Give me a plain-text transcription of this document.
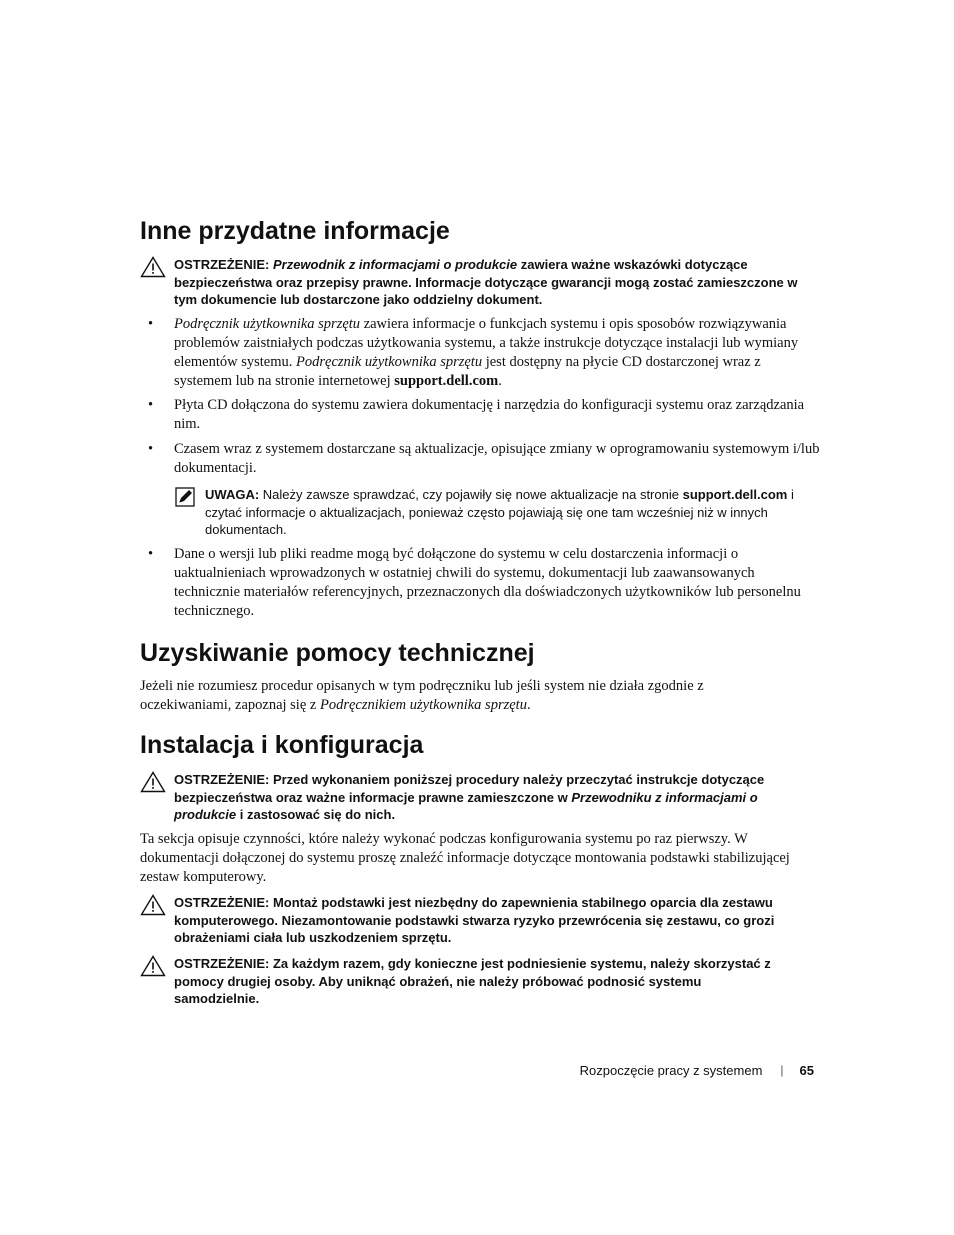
Inne przydatne informacje
OSTRZEŻENIE: Przewodnik z informacjami o produkcie zawiera ważne wskazówki dotyczące bezpieczeństwa oraz przepisy prawne. Informacje dotyczące gwarancji mogą zostać zamieszczone w tym dokumencie lub dostarczone jako oddzielny dokument.
• Podręcznik użytkownika sprzętu zawiera informacje o funkcjach systemu i opis sposobów rozwiązywania problemów zaistniałych podczas użytkowania systemu, a także instrukcje dotyczące instalacji lub wymiany elementów systemu. Podręcznik użytkownika sprzętu jest dostępny na płycie CD dostarczonej wraz z systemem lub na stronie internetowej support.dell.com.
• Płyta CD dołączona do systemu zawiera dokumentację i narzędzia do konfiguracji systemu oraz zarządzania nim.
• Czasem wraz z systemem dostarczane są aktualizacje, opisujące zmiany w oprogramowaniu systemowym i/lub dokumentacji.
UWAGA: Należy zawsze sprawdzać, czy pojawiły się nowe aktualizacje na stronie support.dell.com i czytać informacje o aktualizacjach, ponieważ często pojawiają się one tam wcześniej niż w innych dokumentach.
• Dane o wersji lub pliki readme mogą być dołączone do systemu w celu dostarczenia informacji o uaktualnieniach wprowadzonych w ostatniej chwili do systemu, dokumentacji lub zaawansowanych technicznie materiałów referencyjnych, przeznaczonych dla doświadczonych użytkowników lub personelnu technicznego.
Uzyskiwanie pomocy technicznej

Jeżeli nie rozumiesz procedur opisanych w tym podręczniku lub jeśli system nie działa zgodnie z oczekiwaniami, zapoznaj się z Podręcznikiem użytkownika sprzętu.

Instalacja i konfiguracja
OSTRZEŻENIE: Przed wykonaniem poniższej procedury należy przeczytać instrukcje dotyczące bezpieczeństwa oraz ważne informacje prawne zamieszczone w Przewodniku z informacjami o produkcie i zastosować się do nich.

Ta sekcja opisuje czynności, które należy wykonać podczas konfigurowania systemu po raz pierwszy. W dokumentacji dołączonej do systemu proszę znaleźć informacje dotyczące montowania podstawki stabilizującej zestaw komputerowy.

OSTRZEŻENIE: Montaż podstawki jest niezbędny do zapewnienia stabilnego oparcia dla zestawu komputerowego. Niezamontowanie podstawki stwarza ryzyko przewrócenia się zestawu, co grozi obrażeniami ciała lub uszkodzeniem sprzętu.
OSTRZEŻENIE: Za każdym razem, gdy konieczne jest podniesienie systemu, należy skorzystać z pomocy drugiej osoby. Aby uniknąć obrażeń, nie należy próbować podnosić systemu samodzielnie.
Rozpoczęcie pracy z systemem | 65
